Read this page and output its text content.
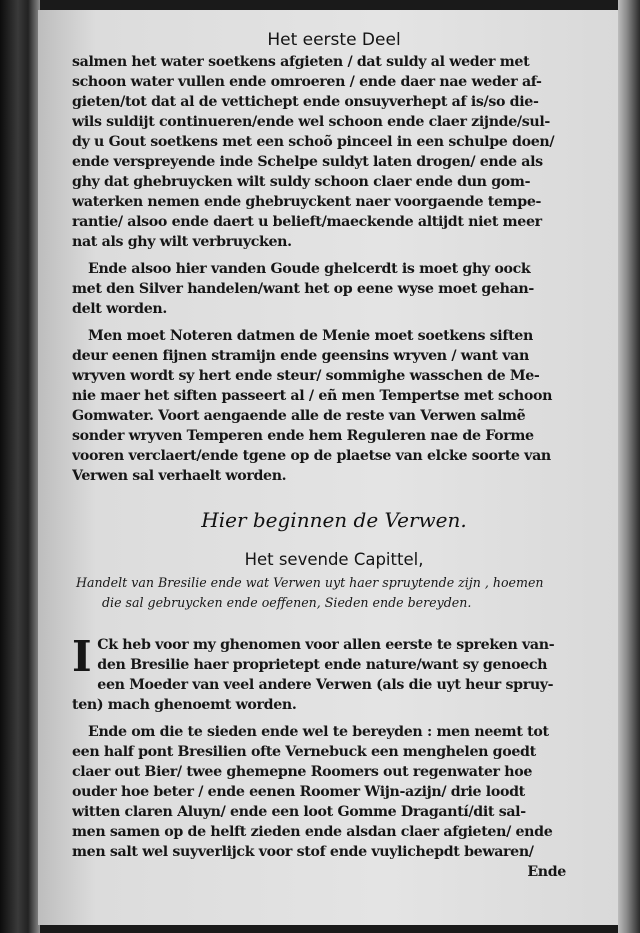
Het eerste Deel

salmen het water soetkens afgieten / dat suldy al weder met
schoon water vullen ende omroeren / ende daer nae weder af-
gieten/tot dat al de vettichept ende onsuyverhept af is/so die-
wils suldijt continueren/ende wel schoon ende claer zijnde/sul-
dy u Gout soetkens met een schoõ pinceel in een schulpe doen/
ende verspreyende inde Schelpe suldyt laten drogen/ ende als
ghy dat ghebruycken wilt suldy schoon claer ende dun gom-
waterken nemen ende ghebruyckent naer voorgaende tempe-
rantie/ alsoo ende daert u belieft/maeckende altijdt niet meer
nat als ghy wilt verbruycken.

Ende alsoo hier vanden Goude ghelcerdt is moet ghy oock
met den Silver handelen/want het op eene wyse moet gehan-
delt worden.

Men moet Noteren datmen de Menie moet soetkens siften
deur eenen fijnen stramijn ende geensins wryven / want van
wryven wordt sy hert ende steur/ sommighe wasschen de Me-
nie maer het siften passeert al / eñ men Tempertse met schoon
Gomwater. Voort aengaende alle de reste van Verwen salmẽ
sonder wryven Temperen ende hem Reguleren nae de Forme
vooren verclaert/ende tgene op de plaetse van elcke soorte van
Verwen sal verhaelt worden.

Hier beginnen de Verwen.
Het sevende Capittel,
Handelt van Bresilie ende wat Verwen uyt haer spruytende zijn , hoemen
die sal gebruycken ende oeffenen, Sieden ende bereyden.

I Ck heb voor my ghenomen voor allen eerste te spreken van-
den Bresilie haer proprietept ende nature/want sy genoech
een Moeder van veel andere Verwen (als die uyt heur spruy-
ten) mach ghenoemt worden.

Ende om die te sieden ende wel te bereyden : men neemt tot
een half pont Bresilien ofte Vernebuck een menghelen goedt
claer out Bier/ twee ghemepne Roomers out regenwater hoe
ouder hoe beter / ende eenen Roomer Wijn-azijn/ drie loodt
witten claren Aluyn/ ende een loot Gomme Dragantí/dit sal-
men samen op de helft zieden ende alsdan claer afgieten/ ende
men salt wel suyverlijck voor stof ende vuylichepdt bewaren/
Ende
